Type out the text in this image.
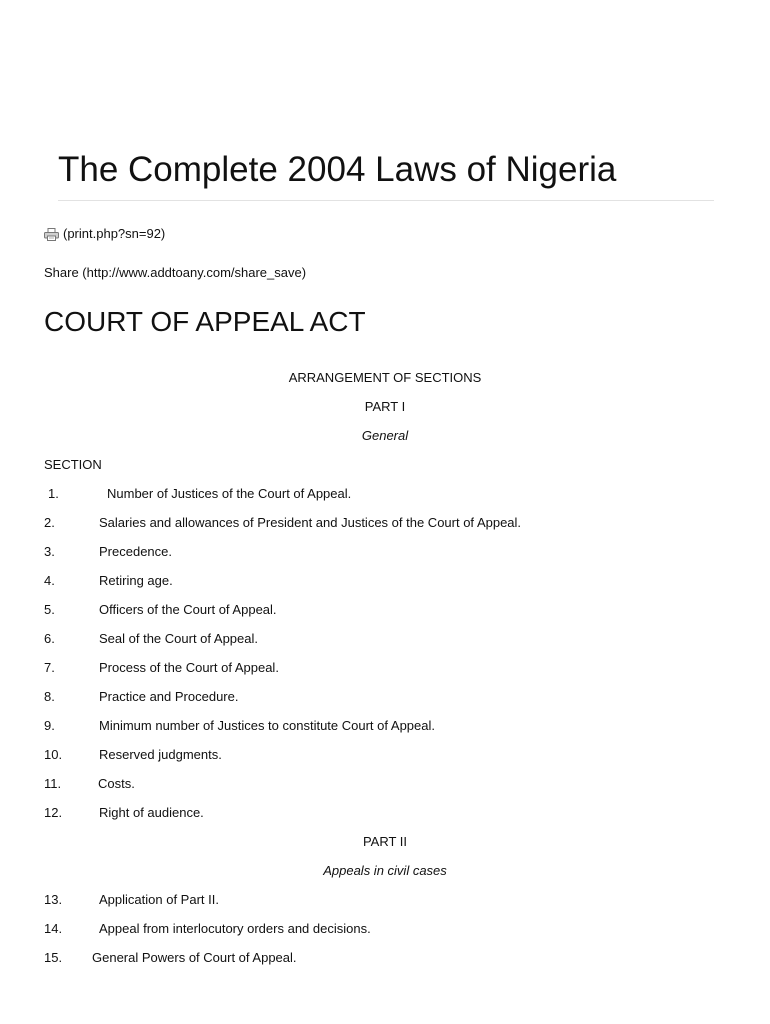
The Complete 2004 Laws of Nigeria
(print.php?sn=92)
Share (http://www.addtoany.com/share_save)
COURT OF APPEAL ACT
ARRANGEMENT OF SECTIONS
PART I
General
SECTION
1.	Number of Justices of the Court of Appeal.
2.	Salaries and allowances of President and Justices of the Court of Appeal.
3.	Precedence.
4.	Retiring age.
5.	Officers of the Court of Appeal.
6.	Seal of the Court of Appeal.
7.	Process of the Court of Appeal.
8.	Practice and Procedure.
9.	Minimum number of Justices to constitute Court of Appeal.
10.	Reserved judgments.
11.	Costs.
12.	Right of audience.
PART II
Appeals in civil cases
13.	Application of Part II.
14.	Appeal from interlocutory orders and decisions.
15. General Powers of Court of Appeal.
